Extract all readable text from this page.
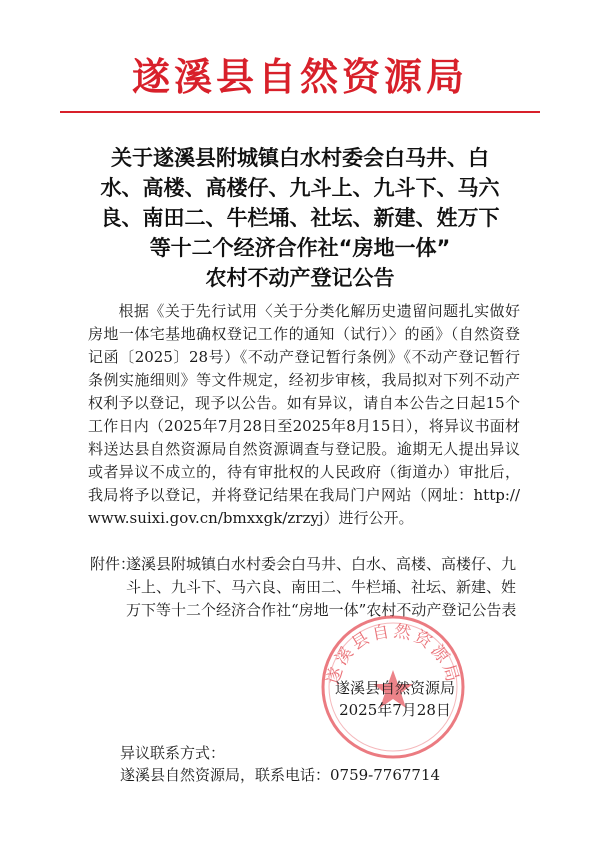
遂溪县自然资源局
关于遂溪县附城镇白水村委会白马井、白
水、高楼、高楼仔、九斗上、九斗下、马六
良、南田二、牛栏埇、社坛、新建、姓万下
等十二个经济合作社“房地一体”
农村不动产登记公告
根据《关于先行试用〈关于分类化解历史遗留问题扎实做好房地一体宅基地确权登记工作的通知（试行）〉的函》（自然资登记函〔2025〕28号）《不动产登记暂行条例》《不动产登记暂行条例实施细则》等文件规定，经初步审核，我局拟对下列不动产权利予以登记，现予以公告。如有异议，请自本公告之日起15个工作日内（2025年7月28日至2025年8月15日），将异议书面材料送达县自然资源局自然资源调查与登记股。逾期无人提出异议或者异议不成立的，待有审批权的人民政府（街道办）审批后，我局将予以登记，并将登记结果在我局门户网站（网址：http://www.suixi.gov.cn/bmxxgk/zrzyj）进行公开。
附件：
遂溪县附城镇白水村委会白马井、白水、高楼、高楼仔、九斗上、九斗下、马六良、南田二、牛栏埇、社坛、新建、姓万下等十二个经济合作社“房地一体”农村不动产登记公告表
遂溪县自然资源局
遂溪县自然资源局
2025年7月28日
异议联系方式：
遂溪县自然资源局，联系电话：0759-7767714
